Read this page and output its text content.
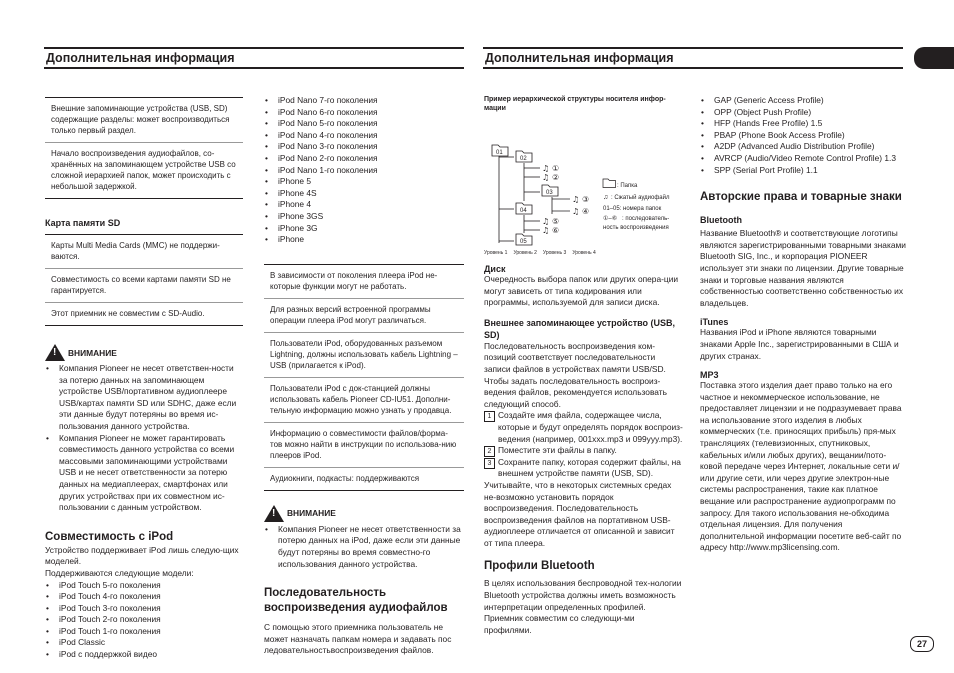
Дополнительная информация	Дополнительная информация
Внешние запоминающие устройства (USB, SD) содержащие разделы: может воспроизводиться только первый раздел.
Начало воспроизведения аудиофайлов, со-хранённых на запоминающем устройстве USB со сложной иерархией папок, может происходить с небольшой задержкой.
Карта памяти SD
Карты Multi Media Cards (MMC) не поддержи-ваются.
Совместимость со всеми картами памяти SD не гарантируется.
Этот приемник не совместим с SD-Audio.
! ВНИМАНИЕ
• Компания Pioneer не несет ответствен-ности за потерю данных на запоминающем устройстве USB/портативном аудиоплеере USB/картах памяти SD или SDHC, даже если эти данные будут потеряны во время ис-пользования данного устройства.
• Компания Pioneer не может гарантировать совместимость данного устройства со всеми массовыми запоминающими устройствами USB и не несет ответственности за потерю данных на медиаплеерах, смартфонах или других устройствах при их совместном ис-пользовании с данным устройством.
Совместимость с iPod
Устройство поддерживает iPod лишь следую-щих моделей.
Поддерживаются следующие модели:
• iPod Touch 5-го поколения
• iPod Touch 4-го поколения
• iPod Touch 3-го поколения
• iPod Touch 2-го поколения
• iPod Touch 1-го поколения
• iPod Classic
• iPod с поддержкой видео
• iPod Nano 7-го поколения
• iPod Nano 6-го поколения
• iPod Nano 5-го поколения
• iPod Nano 4-го поколения
• iPod Nano 3-го поколения
• iPod Nano 2-го поколения
• iPod Nano 1-го поколения
• iPhone 5
• iPhone 4S
• iPhone 4
• iPhone 3GS
• iPhone 3G
• iPhone
В зависимости от поколения плеера iPod не-которые функции могут не работать.
Для разных версий встроенной программы операции плеера iPod могут различаться.
Пользователи iPod, оборудованных разъемом Lightning, должны использовать кабель Lightning – USB (прилагается к iPod).
Пользователи iPod с док-станцией должны использовать кабель Pioneer CD-IU51. Дополни-тельную информацию можно узнать у продавца.
Информацию о совместимости файлов/форма-тов можно найти в инструкции по использова-нию плееров iPod.
Аудиокниги, подкасты: поддерживаются
! ВНИМАНИЕ
• Компания Pioneer не несет ответственности за потерю данных на iPod, даже если эти данные будут потеряны во время совместно-го использования данного устройства.
Последовательность воспроизведения аудиофайлов
С помощью этого приемника пользователь не может назначать папкам номера и задавать пос ледовательностьвоспроизведения файлов.
Пример иерархической структуры носителя инфор-мации
01
02
03
04
05
♫ ①
♫ ②
♫ ③
♫ ④
♫ ⑤
♫ ⑥
: Папка
♫ : Сжатый аудиофайл
01–05: номера папок
①–⑥ : последователь-
ность воспроизведения
Уровень 1 Уровень 2 Уровень 3 Уровень 4
Диск
Очередность выбора папок или других опера-ции могут зависеть от типа кодирования или программы, используемой для записи диска.
Внешнее запоминающее устройство (USB, SD)
Последовательность воспроизведения ком-позиций соответствует последовательности записи файлов в устройствах памяти USB/SD. Чтобы задать последовательность воспроиз-ведения файлов, рекомендуется использовать следующий способ.
1 Создайте имя файла, содержащее числа, которые и будут определять порядок воспроиз-ведения (например, 001xxx.mp3 и 099yyy.mp3).
2 Поместите эти файлы в папку.
3 Сохраните папку, которая содержит файлы, на внешнем устройстве памяти (USB, SD).
Учитывайте, что в некоторых системных средах не-возможно установить порядок воспроизведения. Последовательность воспроизведения файлов на портативном USB-аудиоплеере отличается от описанной и зависит от типа плеера.
Профили Bluetooth
В целях использования беспроводной тех-нологии Bluetooth устройства должны иметь возможность интерпретации определенных профилей. Приемник совместим со следующи-ми профилями.
• GAP (Generic Access Profile)
• OPP (Object Push Profile)
• HFP (Hands Free Profile) 1.5
• PBAP (Phone Book Access Profile)
• A2DP (Advanced Audio Distribution Profile)
• AVRCP (Audio/Video Remote Control Profile) 1.3
• SPP (Serial Port Profile) 1.1
Авторские права и товарные знаки
Bluetooth
Название Bluetooth® и соответствующие логотипы являются зарегистрированными товарными знаками Bluetooth SIG, Inc., и корпорация PIONEER использует эти знаки по лицензии. Другие товарные знаки и торговые названия являются собственностью соответственно собственностью их владельцев.
iTunes
Названия iPod и iPhone являются товарными знаками Apple Inc., зарегистрированными в США и других странах.
MP3
Поставка этого изделия дает право только на его частное и некоммерческое использование, не предоставляет лицензии и не подразумевает права на использование этого изделия в любых коммерческих (т.е. приносящих прибыль) пря-мых трансляциях (телевизионных, спутниковых, кабельных и/или любых других), вещании/пото-ковой передаче через Интернет, локальные сети и/или другие сети, или через другие электрон-ные системы распространения, такие как платное вещание или распространение аудиопрограмм по запросу. Для такого использования не-обходима отдельная лицензия. Для получения дополнительной информации посетите веб-сайт по адресу http://www.mp3licensing.com.
27
